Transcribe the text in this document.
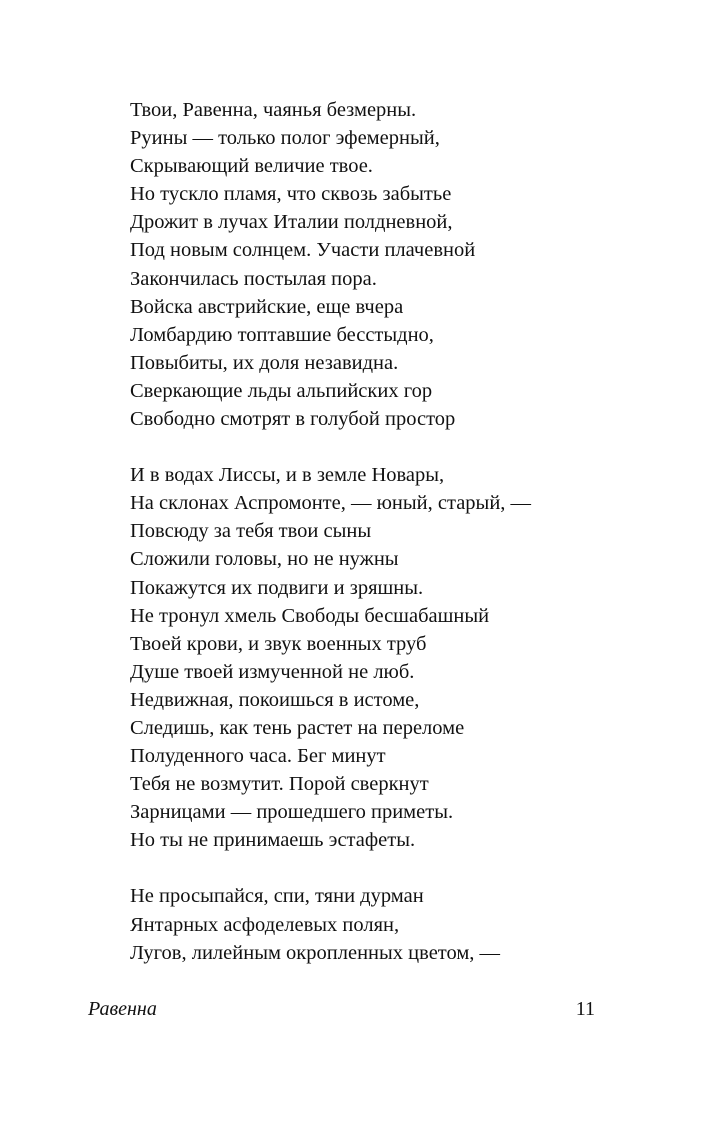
Твои, Равенна, чаянья безмерны.
Руины — только полог эфемерный,
Скрывающий величие твое.
Но тускло пламя, что сквозь забытье
Дрожит в лучах Италии полдневной,
Под новым солнцем. Участи плачевной
Закончилась постылая пора.
Войска австрийские, еще вчера
Ломбардию топтавшие бесстыдно,
Повыбиты, их доля незавидна.
Сверкающие льды альпийских гор
Свободно смотрят в голубой простор
И в водах Лиссы, и в земле Новары,
На склонах Аспромонте, — юный, старый, —
Повсюду за тебя твои сыны
Сложили головы, но не нужны
Покажутся их подвиги и зряшны.
Не тронул хмель Свободы бесшабашный
Твоей крови, и звук военных труб
Душе твоей измученной не люб.
Недвижная, покоишься в истоме,
Следишь, как тень растет на переломе
Полуденного часа. Бег минут
Тебя не возмутит. Порой сверкнут
Зарницами — прошедшего приметы.
Но ты не принимаешь эстафеты.
Не просыпайся, спи, тяни дурман
Янтарных асфоделевых полян,
Лугов, лилейным окропленных цветом, —
Равенна	11
